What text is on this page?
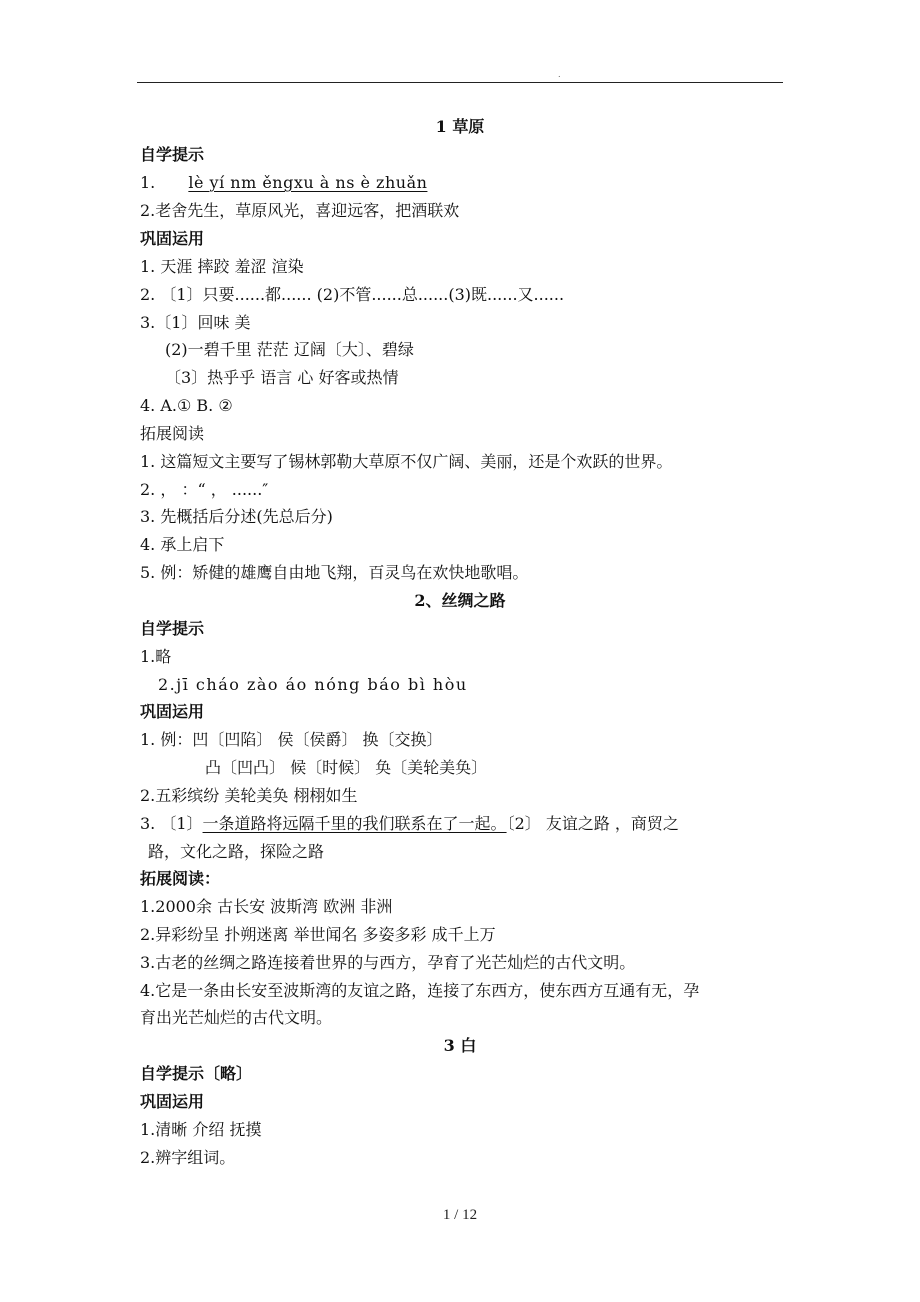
.
1 草原
自学提示
1. lè yí nm ěngxu à ns è zhuǎn
2.老舍先生，草原风光，喜迎远客，把酒联欢
巩固运用
1. 天涯 摔跤 羞涩 渲染
2. 〔1〕只要......都...... (2)不管......总......(3)既......又......
3.〔1〕回味 美
(2)一碧千里 茫茫 辽阔〔大〕、碧绿
〔3〕热乎乎 语言 心 好客或热情
4. A.① B. ②
拓展阅读
1. 这篇短文主要写了锡林郭勒大草原不仅广阔、美丽，还是个欢跃的世界。
2. ， ：“ ， ......″
3. 先概括后分述(先总后分)
4. 承上启下
5. 例：矫健的雄鹰自由地飞翔，百灵鸟在欢快地歌唱。
2、丝绸之路
自学提示
1.略
2.jī cháo zào áo nóng báo bì hòu
巩固运用
1. 例：凹〔凹陷〕 侯〔侯爵〕 换〔交换〕
凸〔凹凸〕 候〔时候〕 奂〔美轮美奂〕
2.五彩缤纷 美轮美奂 栩栩如生
3. 〔1〕一条道路将远隔千里的我们联系在了一起。〔2〕 友谊之路 ，商贸之
路，文化之路，探险之路
拓展阅读：
1.2000余 古长安 波斯湾 欧洲 非洲
2.异彩纷呈 扑朔迷离 举世闻名 多姿多彩 成千上万
3.古老的丝绸之路连接着世界的与西方，孕育了光芒灿烂的古代文明。
4.它是一条由长安至波斯湾的友谊之路，连接了东西方，使东西方互通有无，孕
育出光芒灿烂的古代文明。
3 白
自学提示〔略〕
巩固运用
1.清晰 介绍 抚摸
2.辨字组词。
1 / 12
